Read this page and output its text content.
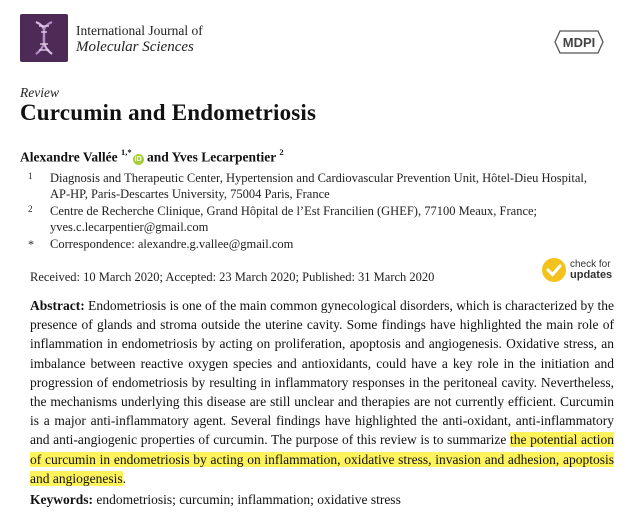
International Journal of
Molecular Sciences	MDPI
Review
Curcumin and Endometriosis
Alexandre Vallée $^{1,*}$iD and Yves Lecarpentier $^2$
1 Diagnosis and Therapeutic Center, Hypertension and Cardiovascular Prevention Unit, Hôtel-Dieu Hospital,
AP-HP, Paris-Descartes University, 75004 Paris, France
2 Centre de Recherche Clinique, Grand Hôpital de l’Est Francilien (GHEF), 77100 Meaux, France;
yves.c.lecarpentier@gmail.com
* Correspondence: alexandre.g.vallee@gmail.com
Received: 10 March 2020; Accepted: 23 March 2020; Published: 31 March 2020
check for
updates
Abstract: Endometriosis is one of the main common gynecological disorders, which is characterized by the presence of glands and stroma outside the uterine cavity. Some findings have highlighted the main role of inflammation in endometriosis by acting on proliferation, apoptosis and angiogenesis. Oxidative stress, an imbalance between reactive oxygen species and antioxidants, could have a key role in the initiation and progression of endometriosis by resulting in inflammatory responses in the peritoneal cavity. Nevertheless, the mechanisms underlying this disease are still unclear and therapies are not currently efficient. Curcumin is a major anti-inflammatory agent. Several findings have highlighted the anti-oxidant, anti-inflammatory and anti-angiogenic properties of curcumin. The purpose of this review is to summarize the potential action of curcumin in endometriosis by acting on inflammation, oxidative stress, invasion and adhesion, apoptosis and angiogenesis.
Keywords: endometriosis; curcumin; inflammation; oxidative stress
